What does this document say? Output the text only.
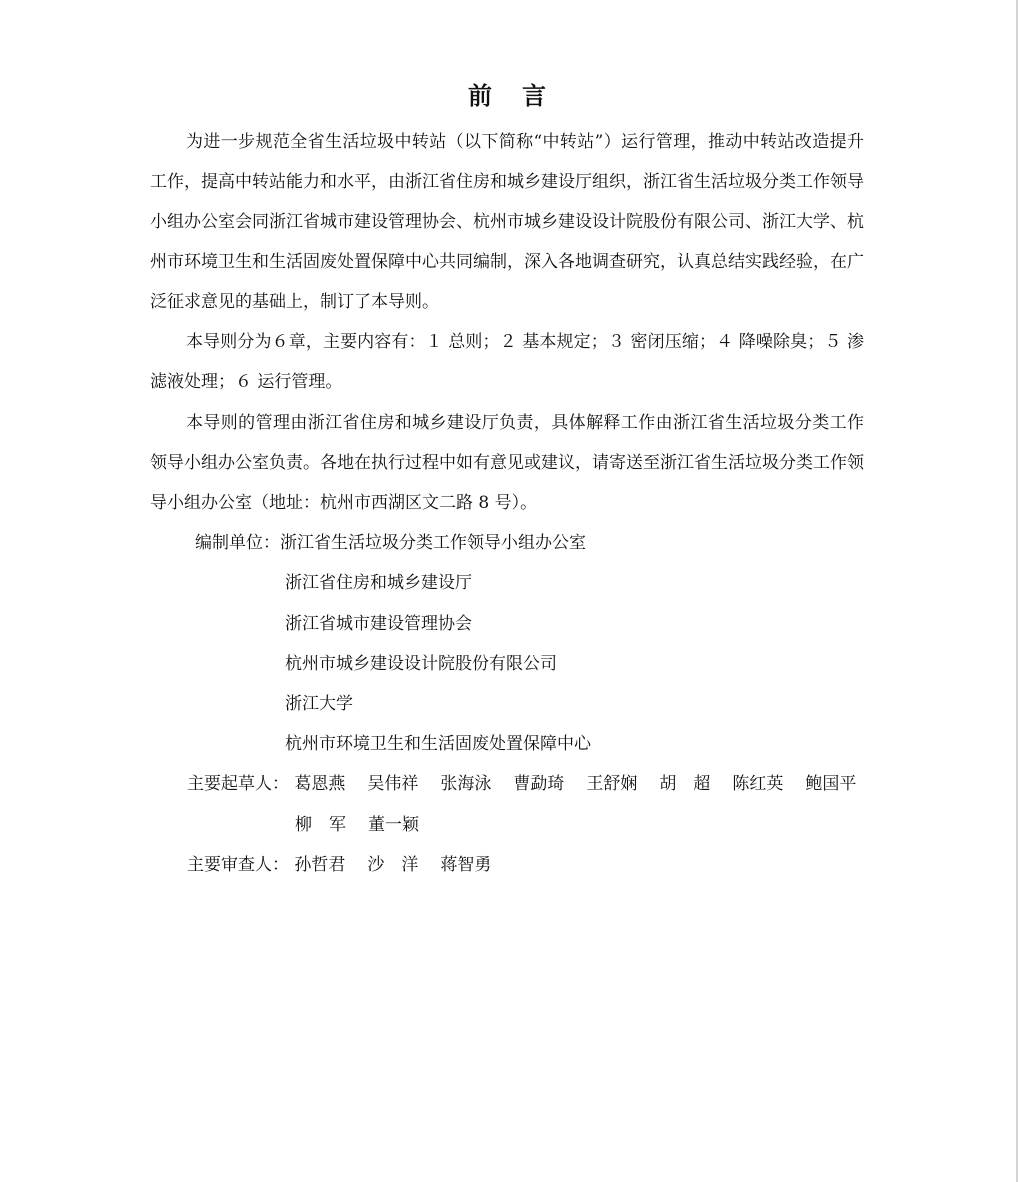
前 言
为进一步规范全省生活垃圾中转站（以下简称“中转站”）运行管理，推动中转站改造提升工作，提高中转站能力和水平，由浙江省住房和城乡建设厅组织，浙江省生活垃圾分类工作领导小组办公室会同浙江省城市建设管理协会、杭州市城乡建设设计院股份有限公司、浙江大学、杭州市环境卫生和生活固废处置保障中心共同编制，深入各地调查研究，认真总结实践经验，在广泛征求意见的基础上，制订了本导则。
本导则分为６章，主要内容有：１ 总则；２ 基本规定；３ 密闭压缩；４ 降噪除臭；５ 渗滤液处理；６ 运行管理。
本导则的管理由浙江省住房和城乡建设厅负责，具体解释工作由浙江省生活垃圾分类工作领导小组办公室负责。各地在执行过程中如有意见或建议，请寄送至浙江省生活垃圾分类工作领导小组办公室（地址：杭州市西湖区文二路 8 号）。
编制单位：浙江省生活垃圾分类工作领导小组办公室
浙江省住房和城乡建设厅
浙江省城市建设管理协会
杭州市城乡建设设计院股份有限公司
浙江大学
杭州市环境卫生和生活固废处置保障中心
主要起草人： 葛恩燕 吴伟祥 张海泳 曹勐琦 王舒娴 胡　超 陈红英 鲍国平
柳　军 董一颖
主要审查人： 孙哲君 沙　洋 蒋智勇
